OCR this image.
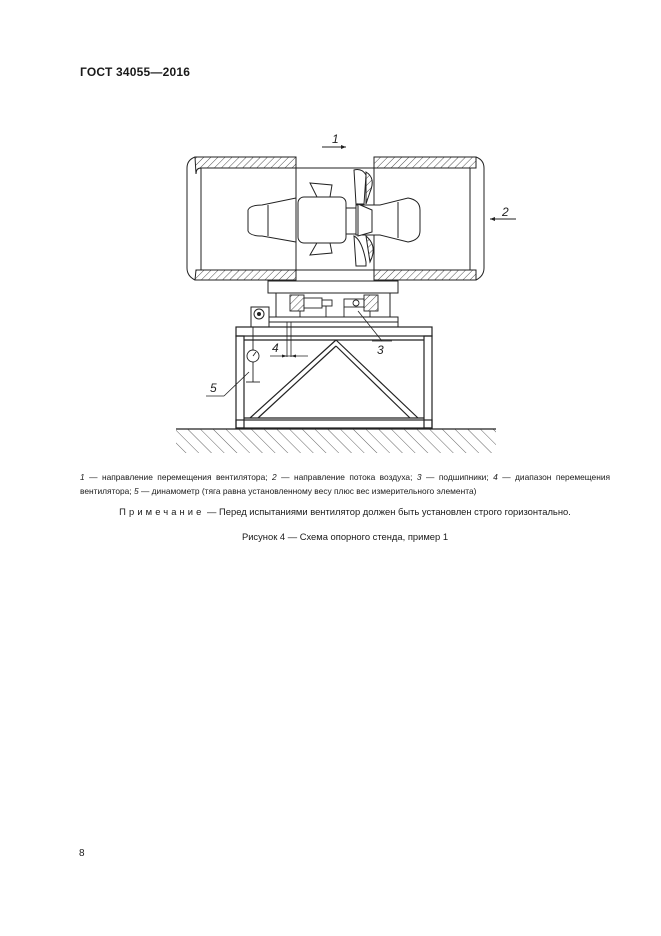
ГОСТ 34055—2016
1
2
3
4
5
1 — направление перемещения вентилятора; 2 — направление потока воздуха; 3 — подшипники; 4 — диапазон перемещения вентилятора; 5 — динамометр (тяга равна установленному весу плюс вес измерительного элемента)
Примечание — Перед испытаниями вентилятор должен быть установлен строго горизонтально.
Рисунок 4 — Схема опорного стенда, пример 1
8
